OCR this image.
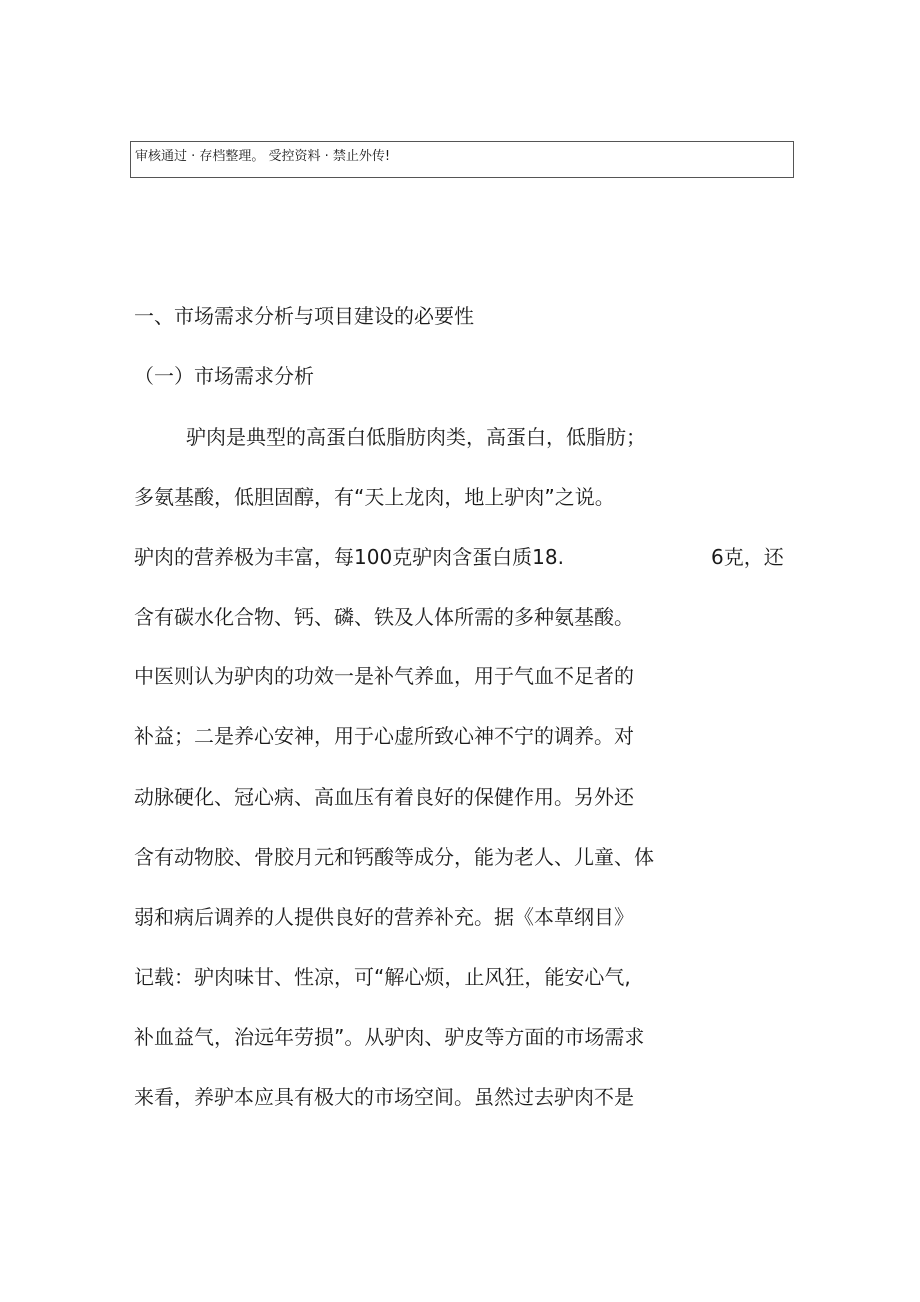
审核通过 · 存档整理。 受控资料 · 禁止外传!
一、市场需求分析与项目建设的必要性
（一）市场需求分析
驴肉是典型的高蛋白低脂肪肉类，高蛋白，低脂肪；
多氨基酸，低胆固醇，有“天上龙肉，地上驴肉”之说。
驴肉的营养极为丰富，每100克驴肉含蛋白质18.	6克，还
含有碳水化合物、钙、磷、铁及人体所需的多种氨基酸。
中医则认为驴肉的功效一是补气养血，用于气血不足者的
补益；二是养心安神，用于心虚所致心神不宁的调养。对
动脉硬化、冠心病、高血压有着良好的保健作用。另外还
含有动物胶、骨胶月元和钙酸等成分，能为老人、儿童、体
弱和病后调养的人提供良好的营养补充。据《本草纲目》
记载：驴肉味甘、性凉，可“解心烦，止风狂，能安心气,
补血益气，治远年劳损”。从驴肉、驴皮等方面的市场需求
来看，养驴本应具有极大的市场空间。虽然过去驴肉不是
